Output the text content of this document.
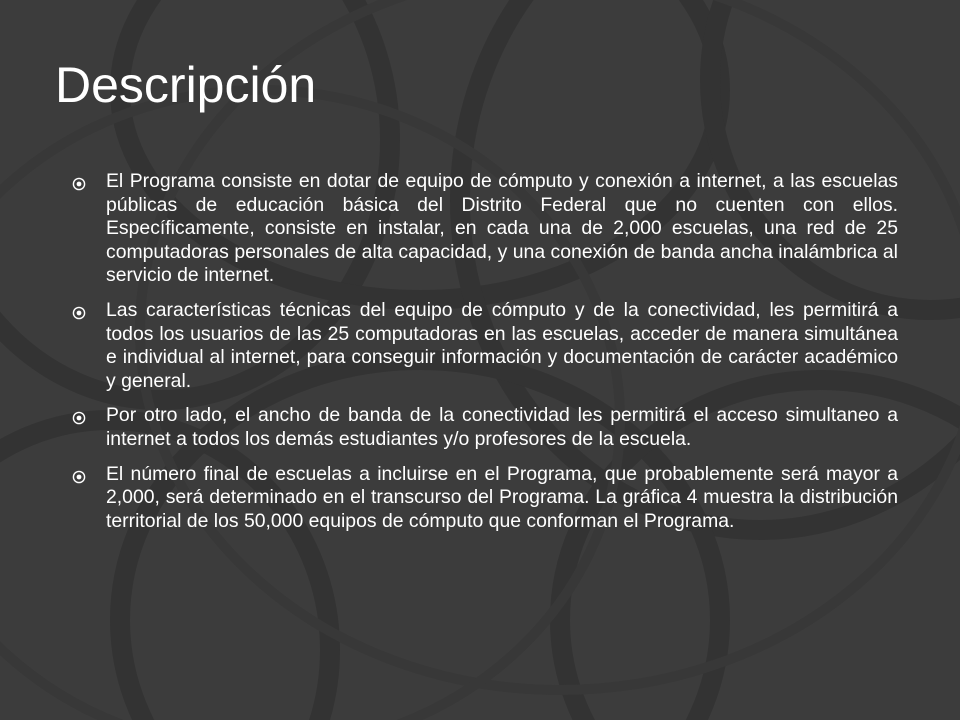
Descripción
El Programa consiste en dotar de equipo de cómputo y conexión a internet, a las escuelas públicas de educación básica del Distrito Federal que no cuenten con ellos. Específicamente, consiste en instalar, en cada una de 2,000 escuelas, una red de 25 computadoras personales de alta capacidad, y una conexión de banda ancha inalámbrica al servicio de internet.
Las características técnicas del equipo de cómputo y de la conectividad, les permitirá a todos los usuarios de las 25 computadoras en las escuelas, acceder de manera simultánea e individual al internet, para conseguir información y documentación de carácter académico y general.
Por otro lado, el ancho de banda de la conectividad les permitirá el acceso simultaneo a internet a todos los demás estudiantes y/o profesores de la escuela.
El número final de escuelas a incluirse en el Programa, que probablemente será mayor a 2,000, será determinado en el transcurso del Programa. La gráfica 4 muestra la distribución territorial de los 50,000 equipos de cómputo que conforman el Programa.
